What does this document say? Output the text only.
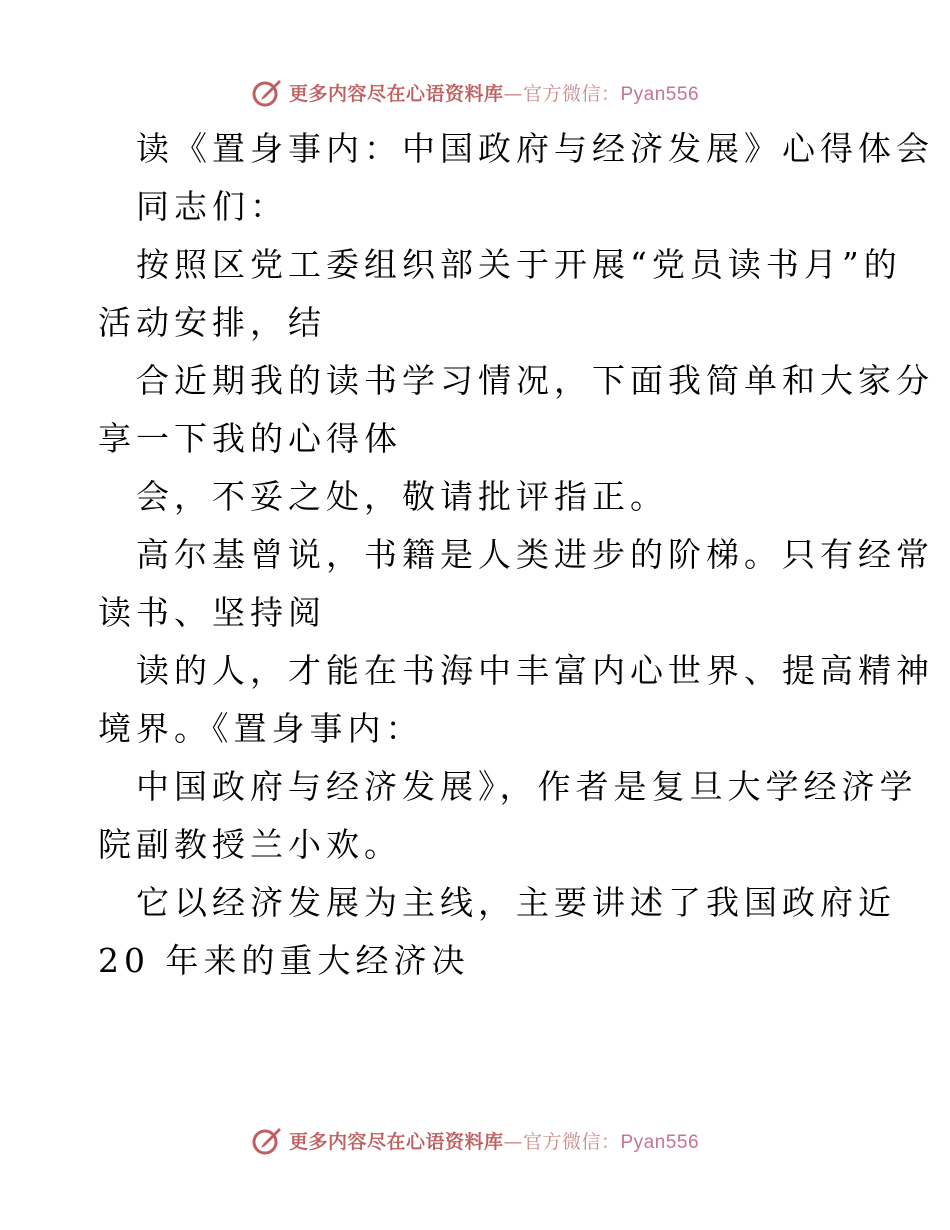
更多内容尽在心语资料库—官方微信：Pyan556
读《置身事内：中国政府与经济发展》心得体会
同志们：
按照区党工委组织部关于开展“党员读书月”的
活动安排，结
合近期我的读书学习情况，下面我简单和大家分
享一下我的心得体
会，不妥之处，敬请批评指正。
高尔基曾说，书籍是人类进步的阶梯。只有经常
读书、坚持阅
读的人，才能在书海中丰富内心世界、提高精神
境界。《置身事内：
中国政府与经济发展》，作者是复旦大学经济学
院副教授兰小欢。
它以经济发展为主线，主要讲述了我国政府近
20 年来的重大经济决
更多内容尽在心语资料库—官方微信：Pyan556
